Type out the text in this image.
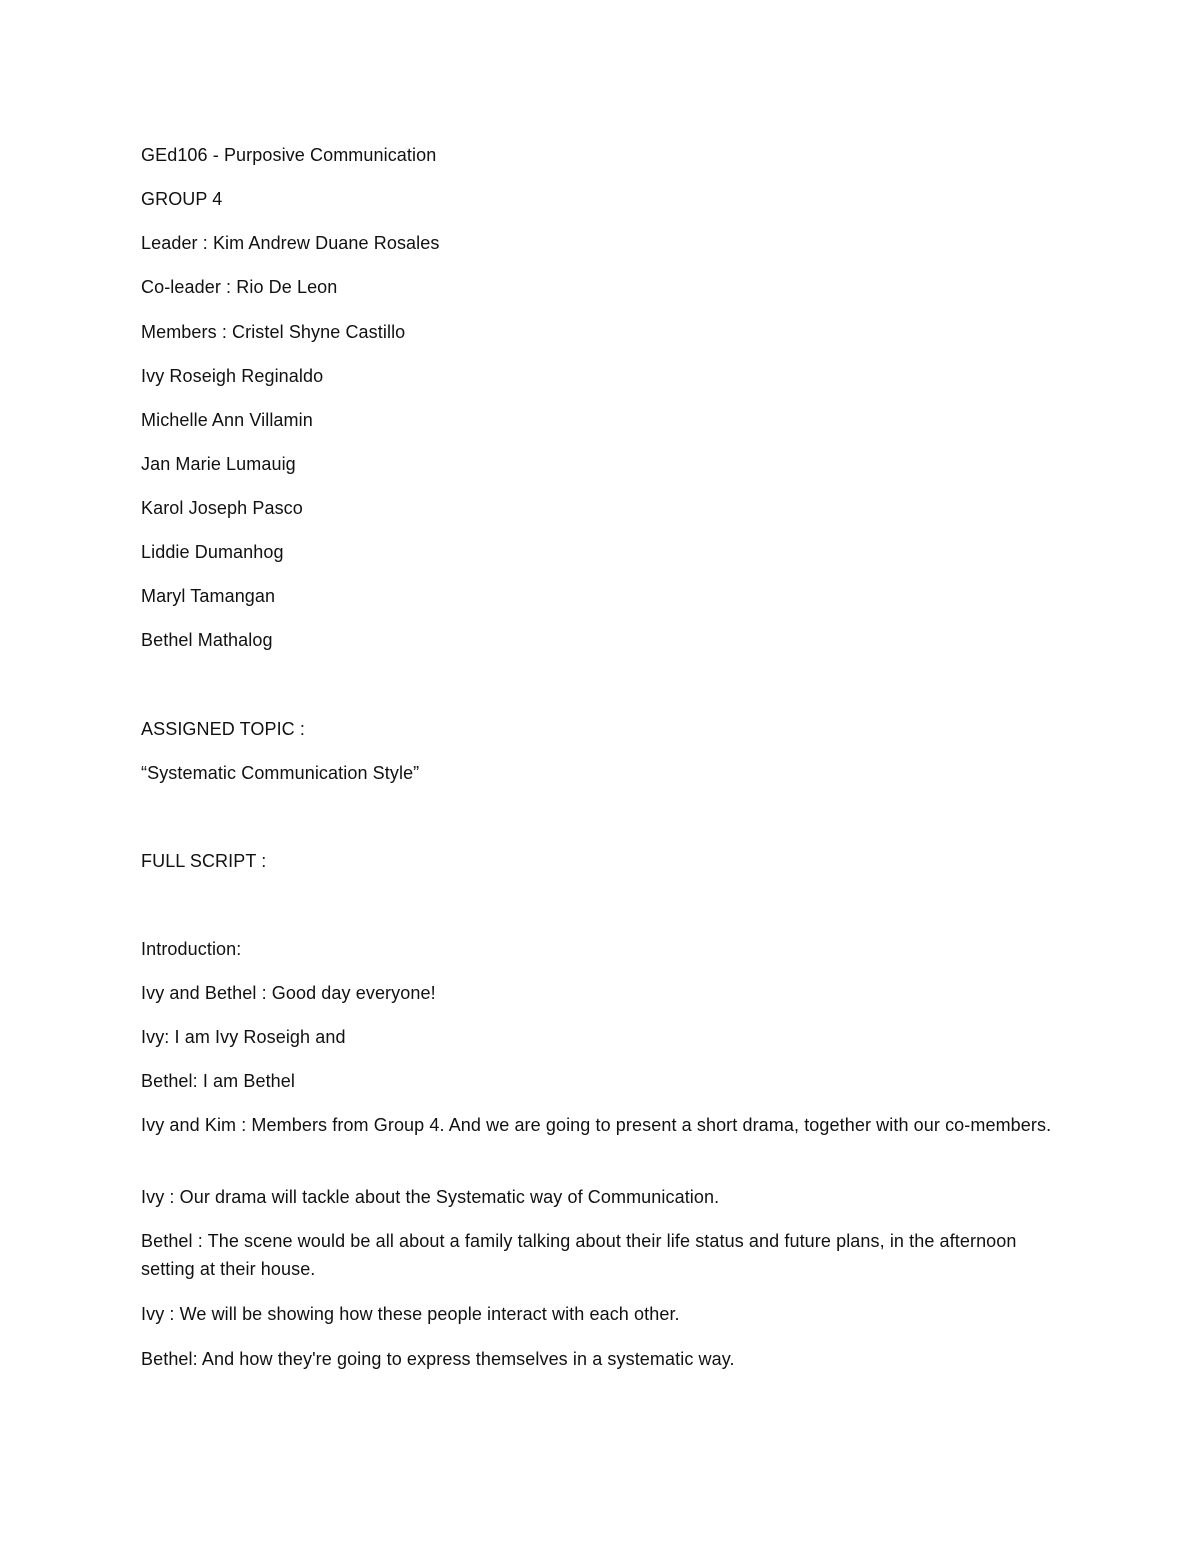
GEd106 - Purposive Communication
GROUP 4
Leader : Kim Andrew Duane Rosales
Co-leader : Rio De Leon
Members : Cristel Shyne Castillo
Ivy Roseigh Reginaldo
Michelle Ann Villamin
Jan Marie Lumauig
Karol Joseph Pasco
Liddie Dumanhog
Maryl Tamangan
Bethel Mathalog
ASSIGNED TOPIC :
“Systematic Communication Style”
FULL SCRIPT :
Introduction:
Ivy and Bethel : Good day everyone!
Ivy: I am Ivy Roseigh and
Bethel: I am Bethel
Ivy and Kim : Members from Group 4. And we are going to present a short drama, together with our co-members.
Ivy : Our drama will tackle about the Systematic way of Communication.
Bethel : The scene would be all about a family talking about their life status and future plans, in the afternoon setting at their house.
Ivy : We will be showing how these people interact with each other.
Bethel: And how they're going to express themselves in a systematic way.
